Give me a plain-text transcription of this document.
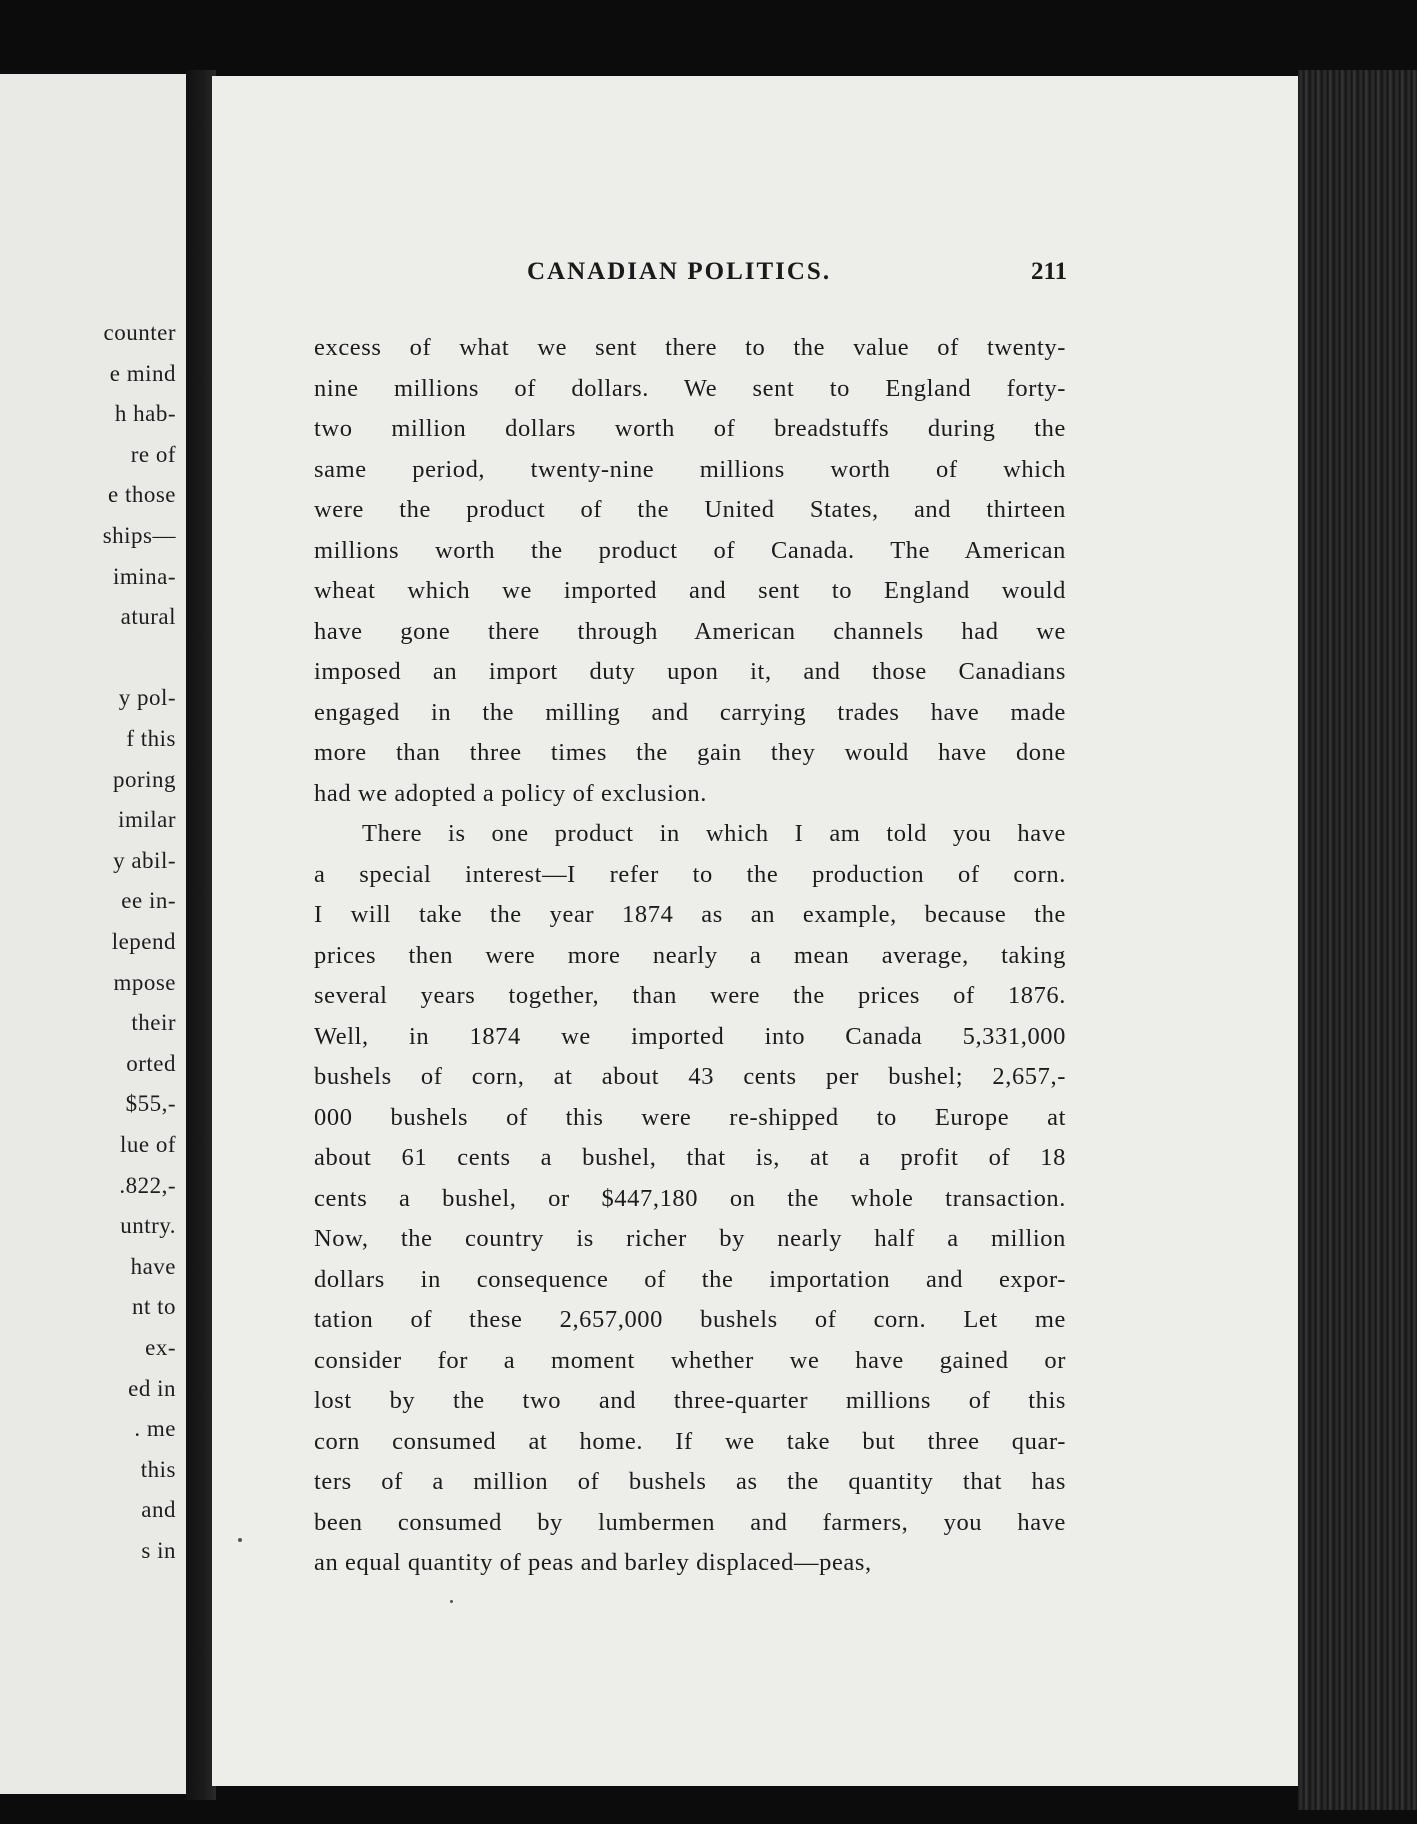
counter
e mind
h hab-
re of
e those
ships—
imina-
atural
y pol-
f this
poring
imilar
y abil-
ee in-
lepend
mpose
their
orted
$55,-
lue of
.822,-
untry.
have
nt to
ex-
ed in
. me
this
and
s in
CANADIAN POLITICS.	211
excess of what we sent there to the value of twenty-
nine millions of dollars. We sent to England forty-
two million dollars worth of breadstuffs during the
same period, twenty-nine millions worth of which
were the product of the United States, and thirteen
millions worth the product of Canada. The American
wheat which we imported and sent to England would
have gone there through American channels had we
imposed an import duty upon it, and those Canadians
engaged in the milling and carrying trades have made
more than three times the gain they would have done
had we adopted a policy of exclusion.
There is one product in which I am told you have
a special interest—I refer to the production of corn.
I will take the year 1874 as an example, because the
prices then were more nearly a mean average, taking
several years together, than were the prices of 1876.
Well, in 1874 we imported into Canada 5,331,000
bushels of corn, at about 43 cents per bushel; 2,657,-
000 bushels of this were re-shipped to Europe at
about 61 cents a bushel, that is, at a profit of 18
cents a bushel, or $447,180 on the whole transaction.
Now, the country is richer by nearly half a million
dollars in consequence of the importation and expor-
tation of these 2,657,000 bushels of corn. Let me
consider for a moment whether we have gained or
lost by the two and three-quarter millions of this
corn consumed at home. If we take but three quar-
ters of a million of bushels as the quantity that has
been consumed by lumbermen and farmers, you have
an equal quantity of peas and barley displaced—peas,
